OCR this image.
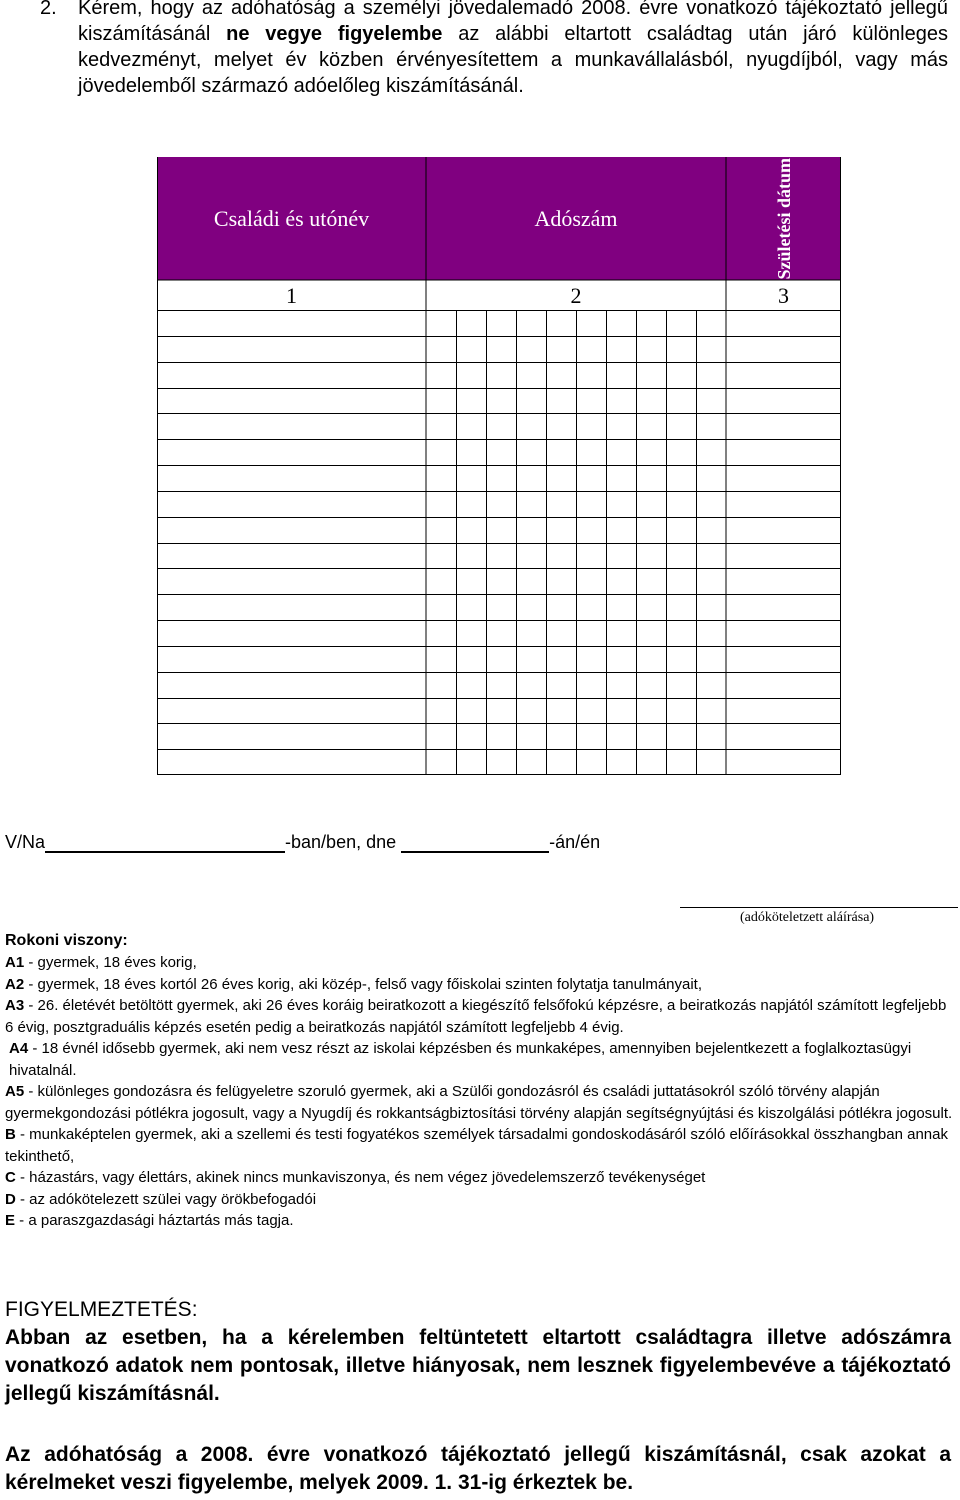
2. Kérem, hogy az adóhatóság a személyi jövedalemadó 2008. évre vonatkozó tájékoztató jellegű kiszámításánál ne vegye figyelembe az alábbi eltartott családtag után járó különleges kedvezményt, melyet év közben érvényesítettem a munkavállalásból, nyugdíjból, vagy más jövedelemből származó adóelőleg kiszámításánál.

Családi és utónév	Adószám	Születési dátum
1	2	3
V/Na	-ban/ben, dne	-án/én
(adóköteletzett aláírása)
Rokoni viszony:

A1 - gyermek, 18 éves korig,

A2 - gyermek, 18 éves kortól 26 éves korig, aki közép-, felső vagy főiskolai szinten folytatja tanulmányait,

A3 - 26. életévét betöltött gyermek, aki 26 éves koráig beiratkozott a kiegészítő felsőfokú képzésre, a beiratkozás napjától számított legfeljebb 6 évig, posztgraduális képzés esetén pedig a beiratkozás napjától számított legfeljebb 4 évig.

A4 - 18 évnél idősebb gyermek, aki nem vesz részt az iskolai képzésben és munkaképes, amennyiben bejelentkezett a foglalkoztasügyi hivatalnál.

A5 - különleges gondozásra és felügyeletre szoruló gyermek, aki a Szülői gondozásról és családi juttatásokról szóló törvény alapján gyermekgondozási pótlékra jogosult, vagy a Nyugdíj és rokkantságbiztosítási törvény alapján segítségnyújtási és kiszolgálási pótlékra jogosult.

B - munkaképtelen gyermek, aki a szellemi és testi fogyatékos személyek társadalmi gondoskodásáról szóló előírásokkal összhangban annak tekinthető,

C - házastárs, vagy élettárs, akinek nincs munkaviszonya, és nem végez jövedelemszerző tevékenységet

D - az adókötelezett szülei vagy örökbefogadói

E - a paraszgazdasági háztartás más tagja.

FIGYELMEZTETÉS:

Abban az esetben, ha a kérelemben feltüntetett eltartott családtagra illetve adószámra vonatkozó adatok nem pontosak, illetve hiányosak, nem lesznek figyelembevéve a tájékoztató jellegű kiszámításnál.

Az adóhatóság a 2008. évre vonatkozó tájékoztató jellegű kiszámításnál, csak azokat a kérelmeket veszi figyelembe, melyek 2009. 1. 31-ig érkeztek be.
